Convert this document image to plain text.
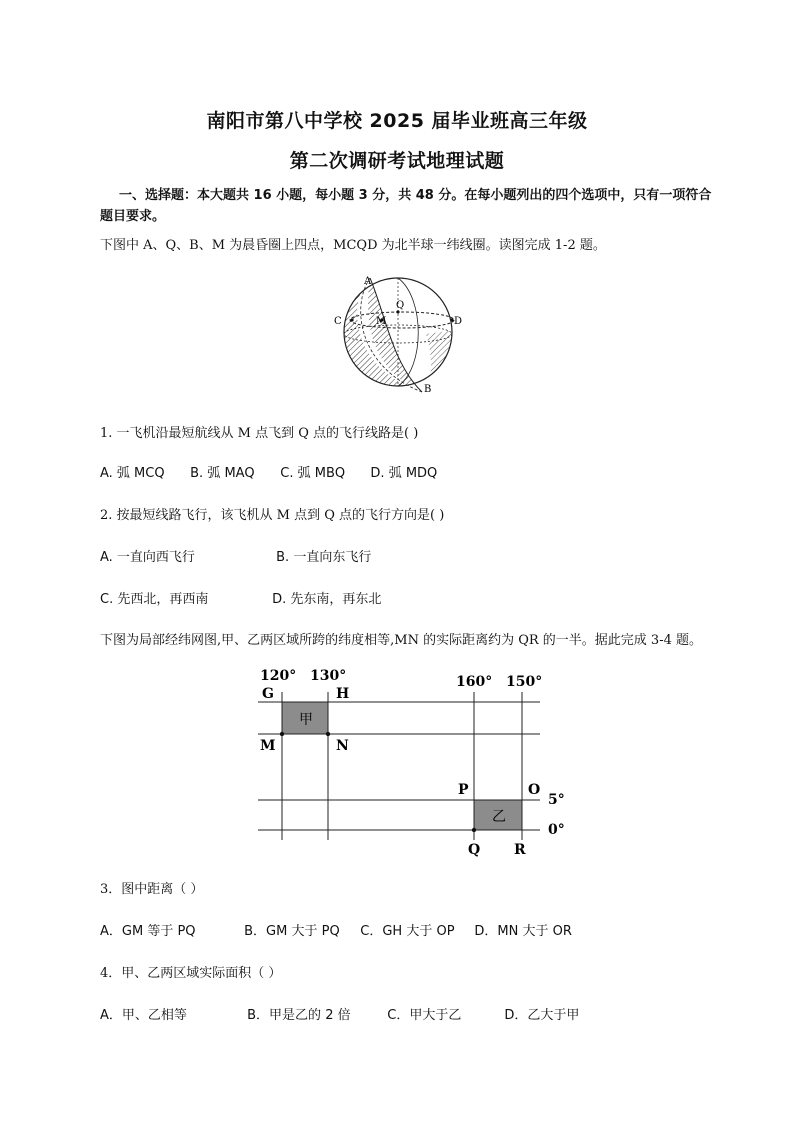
南阳市第八中学校 2025 届毕业班高三年级
第二次调研考试地理试题
一、选择题：本大题共 16 小题，每小题 3 分，共 48 分。在每小题列出的四个选项中，只有一项符合
题目要求。
下图中 A、Q、B、M 为晨昏圈上四点，MCQD 为北半球一纬线圈。读图完成 1-2 题。
A
Q
C	M	D
B
1. 一飞机沿最短航线从 M 点飞到 Q 点的飞行线路是( )
A. 弧 MCQ B. 弧 MAQ C. 弧 MBQ D. 弧 MDQ
2. 按最短线路飞行，该飞机从 M 点到 Q 点的飞行方向是( )
A. 一直向西飞行	B. 一直向东飞行
C. 先西北，再西南	D. 先东南，再东北
下图为局部经纬网图,甲、乙两区域所跨的纬度相等,MN 的实际距离约为 QR 的一半。据此完成 3-4 题。
甲
乙
120° 130°	160° 150°
G	H
M	N
P	O
Q R
5°
0°
3．图中距离（ ）
A．GM 等于 PQ	B．GM 大于 PQ C．GH 大于 OP D．MN 大于 OR
4．甲、乙两区域实际面积（ ）
A．甲、乙相等	B．甲是乙的 2 倍	C．甲大于乙	D．乙大于甲
